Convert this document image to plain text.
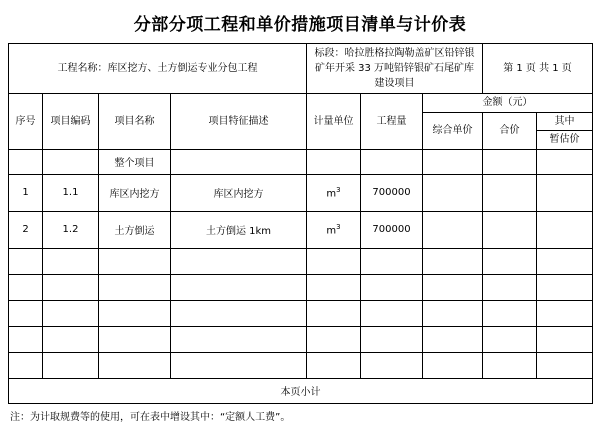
分部分项工程和单价措施项目清单与计价表
工程名称：库区挖方、土方倒运专业分包工程				标段：哈拉胜格拉陶勒盖矿区铅锌银矿年开采 33 万吨铅锌银矿石尾矿库建设项目			第 1 页 共 1 页	
序号	项目编码	项目名称	项目特征描述	计量单位	工程量	金额（元）		
						综合单价	合价	其中
								暂估价
		整个项目						
1	1.1	库区内挖方	库区内挖方	$m^3$	700000			
2	1.2	土方倒运	土方倒运 1km	$m^3$	700000			

本页小计								
注：为计取规费等的使用，可在表中增设其中：“定额人工费”。
